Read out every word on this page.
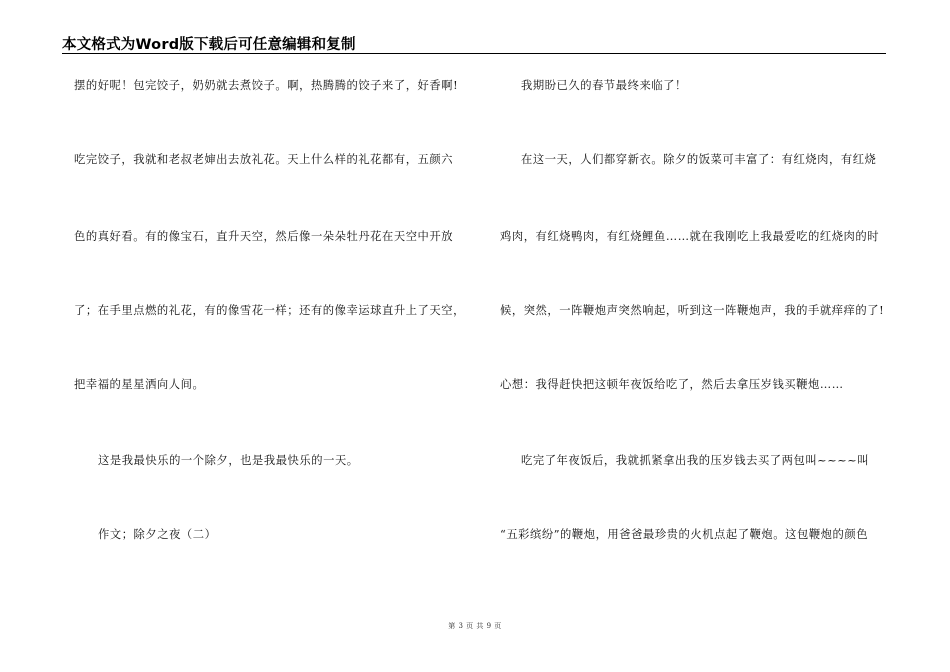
本文格式为Word版下载后可任意编辑和复制
摆的好呢！包完饺子，奶奶就去煮饺子。啊，热腾腾的饺子来了，好香啊!
吃完饺子，我就和老叔老婶出去放礼花。天上什么样的礼花都有，五颜六
色的真好看。有的像宝石，直升天空，然后像一朵朵牡丹花在天空中开放
了；在手里点燃的礼花，有的像雪花一样；还有的像幸运球直升上了天空，
把幸福的星星洒向人间。
这是我最快乐的一个除夕，也是我最快乐的一天。
作文；除夕之夜（二）
我期盼已久的春节最终来临了！
在这一天，人们都穿新衣。除夕的饭菜可丰富了：有红烧肉，有红烧
鸡肉，有红烧鸭肉，有红烧鲤鱼……就在我刚吃上我最爱吃的红烧肉的时
候，突然，一阵鞭炮声突然响起，听到这一阵鞭炮声，我的手就痒痒的了!
心想：我得赶快把这顿年夜饭给吃了，然后去拿压岁钱买鞭炮……
吃完了年夜饭后，我就抓紧拿出我的压岁钱去买了两包叫~~~~叫
“五彩缤纷”的鞭炮，用爸爸最珍贵的火机点起了鞭炮。这包鞭炮的颜色
第 3 页 共 9 页
